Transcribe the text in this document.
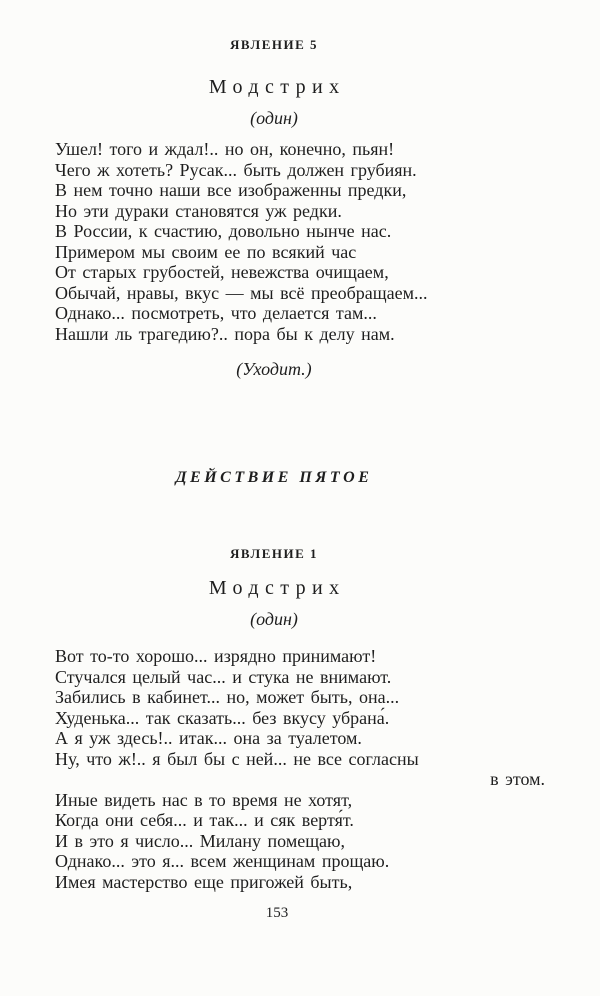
ЯВЛЕНИЕ 5
Модстрих
(один)
Ушел! того и ждал!.. но он, конечно, пьян!
Чего ж хотеть? Русак... быть должен грубиян.
В нем точно наши все изображенны предки,
Но эти дураки становятся уж редки.
В России, к счастию, довольно нынче нас.
Примером мы своим ее по всякий час
От старых грубостей, невежства очищаем,
Обычай, нравы, вкус — мы всё преобращаем...
Однако... посмотреть, что делается там...
Нашли ль трагедию?.. пора бы к делу нам.
(Уходит.)
ДЕЙСТВИЕ ПЯТОЕ
ЯВЛЕНИЕ 1
Модстрих
(один)
Вот то-то хорошо... изрядно принимают!
Стучался целый час... и стука не внимают.
Забились в кабинет... но, может быть, она...
Худенька... так сказать... без вкусу убрана́.
А я уж здесь!.. итак... она за туалетом.
Ну, что ж!.. я был бы с ней... не все согласны
в этом.
Иные видеть нас в то время не хотят,
Когда они себя... и так... и сяк вертя́т.
И в это я число... Милану помещаю,
Однако... это я... всем женщинам прощаю.
Имея мастерство еще пригожей быть,
153
